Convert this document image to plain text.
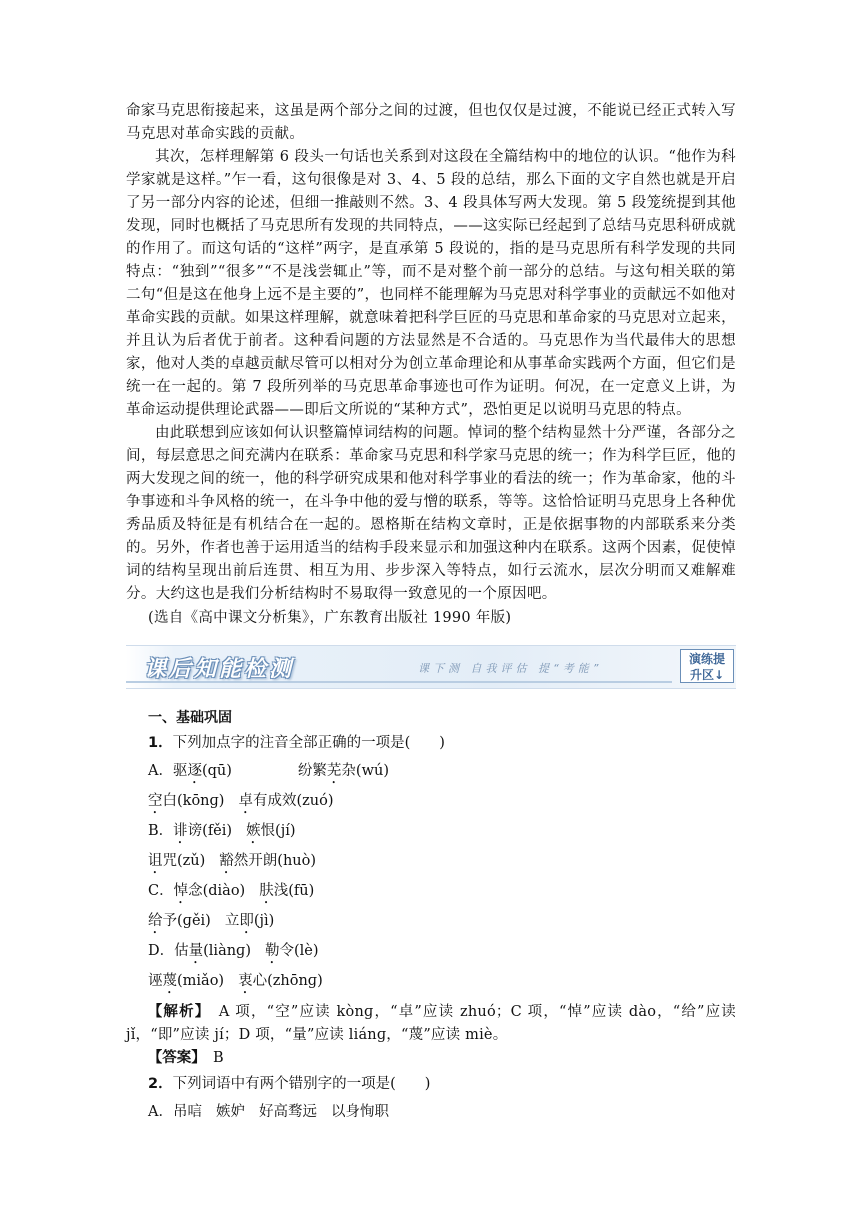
命家马克思衔接起来，这虽是两个部分之间的过渡，但也仅仅是过渡，不能说已经正式转入写马克思对革命实践的贡献。

其次，怎样理解第 6 段头一句话也关系到对这段在全篇结构中的地位的认识。“他作为科学家就是这样。”乍一看，这句很像是对 3、4、5 段的总结，那么下面的文字自然也就是开启了另一部分内容的论述，但细一推敲则不然。3、4 段具体写两大发现。第 5 段笼统提到其他发现，同时也概括了马克思所有发现的共同特点，——这实际已经起到了总结马克思科研成就的作用了。而这句话的“这样”两字，是直承第 5 段说的，指的是马克思所有科学发现的共同特点：“独到”“很多”“不是浅尝辄止”等，而不是对整个前一部分的总结。与这句相关联的第二句“但是这在他身上远不是主要的”，也同样不能理解为马克思对科学事业的贡献远不如他对革命实践的贡献。如果这样理解，就意味着把科学巨匠的马克思和革命家的马克思对立起来，并且认为后者优于前者。这种看问题的方法显然是不合适的。马克思作为当代最伟大的思想家，他对人类的卓越贡献尽管可以相对分为创立革命理论和从事革命实践两个方面，但它们是统一在一起的。第 7 段所列举的马克思革命事迹也可作为证明。何况，在一定意义上讲，为革命运动提供理论武器——即后文所说的“某种方式”，恐怕更足以说明马克思的特点。

由此联想到应该如何认识整篇悼词结构的问题。悼词的整个结构显然十分严谨，各部分之间，每层意思之间充满内在联系：革命家马克思和科学家马克思的统一；作为科学巨匠，他的两大发现之间的统一，他的科学研究成果和他对科学事业的看法的统一；作为革命家，他的斗争事迹和斗争风格的统一，在斗争中他的爱与憎的联系，等等。这恰恰证明马克思身上各种优秀品质及特征是有机结合在一起的。恩格斯在结构文章时，正是依据事物的内部联系来分类的。另外，作者也善于运用适当的结构手段来显示和加强这种内在联系。这两个因素，促使悼词的结构呈现出前后连贯、相互为用、步步深入等特点，如行云流水，层次分明而又难解难分。大约这也是我们分析结构时不易取得一致意见的一个原因吧。

(选自《高中课文分析集》，广东教育出版社 1990 年版)

课后知能检测	课下测 自我评估 提“考能”
演练提
升区↓
一、基础巩固
1．下列加点字的注音全部正确的一项是(　　)
A．驱逐(qū)	纷繁芜杂(wú)
空白(kōnɡ) 卓有成效(zuó)
B．诽谤(fěi) 嫉恨(jí)
诅咒(zǔ) 豁然开朗(huò)
C．悼念(diào) 肤浅(fū)
给予(ɡěi) 立即(jì)
D．估量(liànɡ) 勒令(lè)
诬蔑(miǎo) 衷心(zhōnɡ)

【解析】　 A 项，“空”应读 kònɡ，“卓”应读 zhuó；C 项，“悼”应读 dào，“给”应读 jǐ，“即”应读 jí；D 项，“量”应读 liánɡ，“蔑”应读 miè。

【答案】　 B

2．下列词语中有两个错别字的一项是(　　)
A．吊唁 嫉妒 好高骛远 以身恂职
